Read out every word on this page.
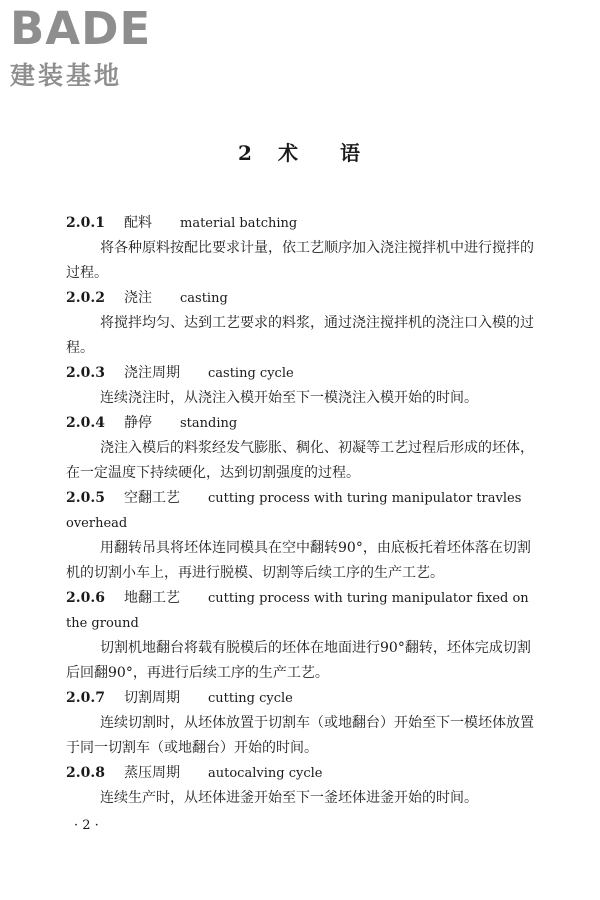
BADE
建装基地
2 术 语
2.0.1 配料 material batching
将各种原料按配比要求计量，依工艺顺序加入浇注搅拌机中进行搅拌的过程。
2.0.2 浇注 casting
将搅拌均匀、达到工艺要求的料浆，通过浇注搅拌机的浇注口入模的过程。
2.0.3 浇注周期 casting cycle
连续浇注时，从浇注入模开始至下一模浇注入模开始的时间。
2.0.4 静停 standing
浇注入模后的料浆经发气膨胀、稠化、初凝等工艺过程后形成的坯体，在一定温度下持续硬化，达到切割强度的过程。
2.0.5 空翻工艺 cutting process with turing manipulator travles overhead
用翻转吊具将坯体连同模具在空中翻转90°，由底板托着坯体落在切割机的切割小车上，再进行脱模、切割等后续工序的生产工艺。
2.0.6 地翻工艺 cutting process with turing manipulator fixed on the ground
切割机地翻台将载有脱模后的坯体在地面进行90°翻转，坯体完成切割后回翻90°，再进行后续工序的生产工艺。
2.0.7 切割周期 cutting cycle
连续切割时，从坯体放置于切割车（或地翻台）开始至下一模坯体放置于同一切割车（或地翻台）开始的时间。
2.0.8 蒸压周期 autocalving cycle
连续生产时，从坯体进釜开始至下一釜坯体进釜开始的时间。
· 2 ·
